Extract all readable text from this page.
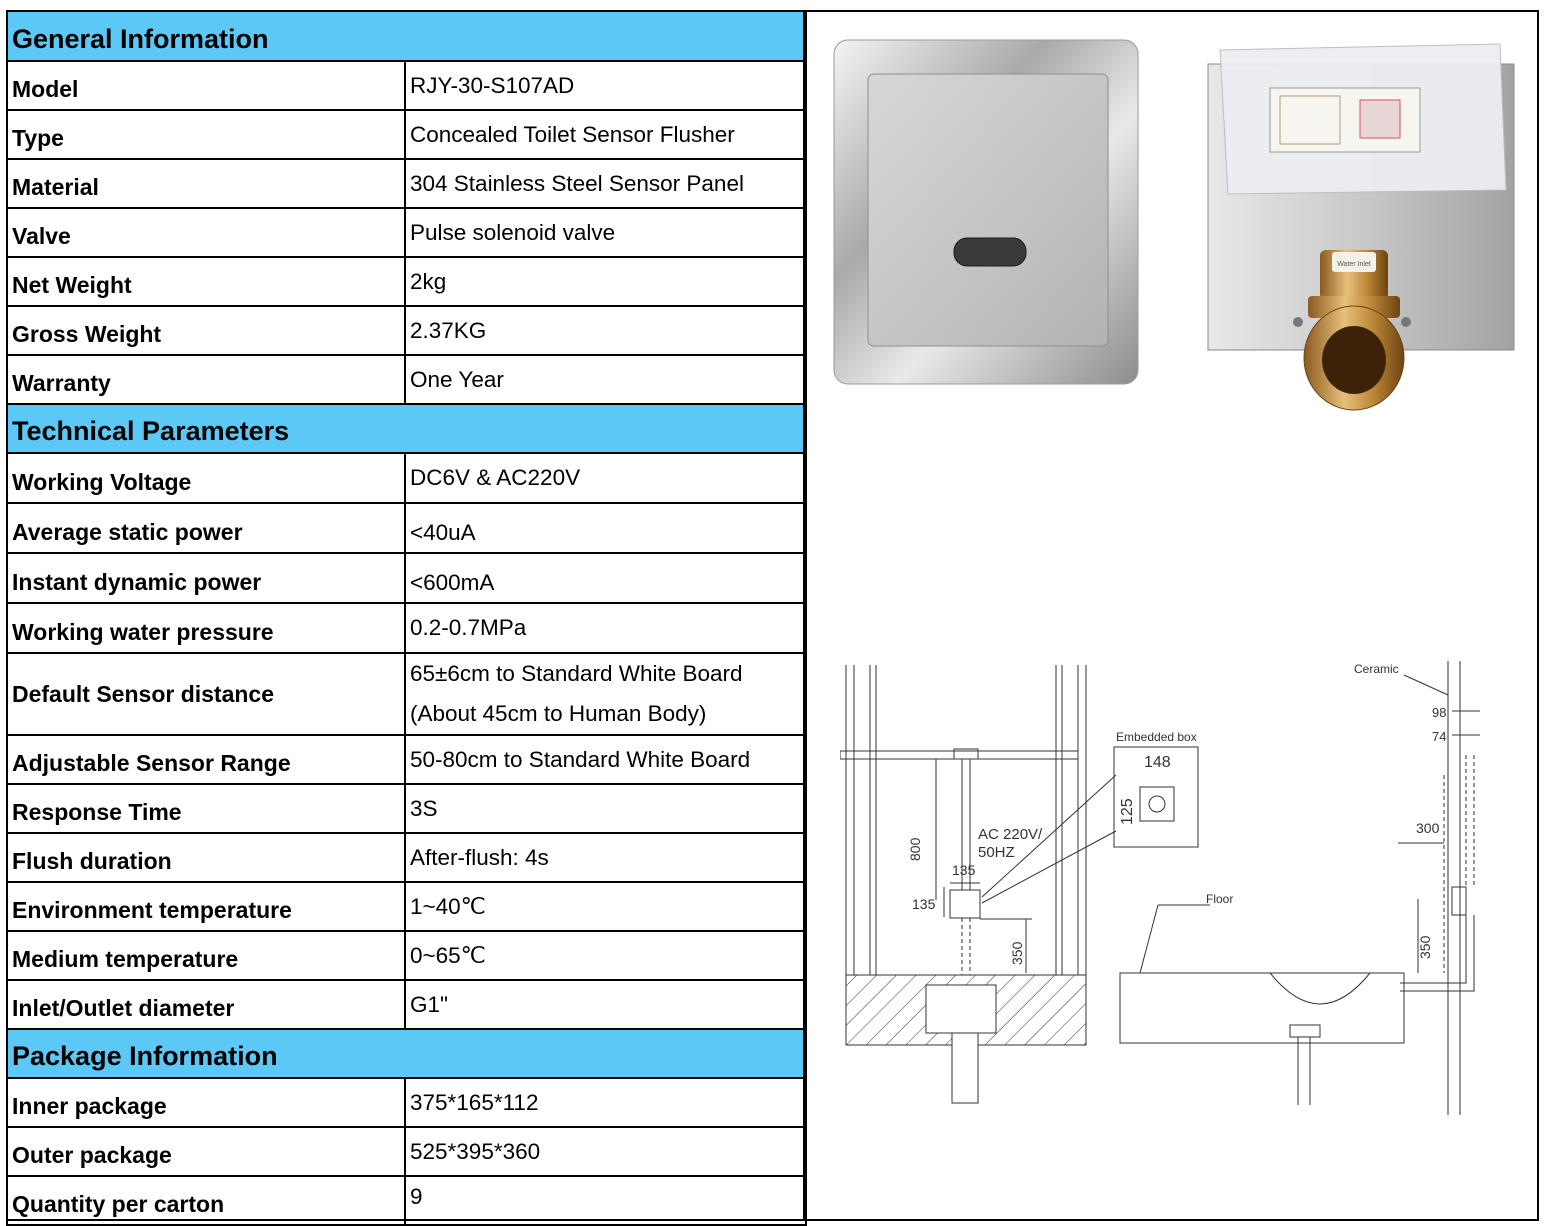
General Information	
Model	RJY-30-S107AD
Type	Concealed Toilet Sensor Flusher
Material	304 Stainless Steel Sensor Panel
Valve	Pulse solenoid valve
Net Weight	2kg
Gross Weight	2.37KG
Warranty	One Year
Technical Parameters	
Working Voltage	DC6V & AC220V
Average static power	<40uA
Instant dynamic power	<600mA
Working water pressure	0.2-0.7MPa
Default Sensor distance	65±6cm to Standard White Board
(About 45cm to Human Body)

Adjustable Sensor Range	50-80cm to Standard White Board
Response Time	3S
Flush duration	After-flush: 4s
Environment temperature	1~40℃
Medium temperature	0~65℃
Inlet/Outlet diameter	G1"
Package Information	
Inner package	375*165*112
Outer package	525*395*360
Quantity per carton	9
Water Inlet
Embedded box
148
125
AC 220V/
50HZ
800
135
135
350
Ceramic
98
74
300
Floor
350
